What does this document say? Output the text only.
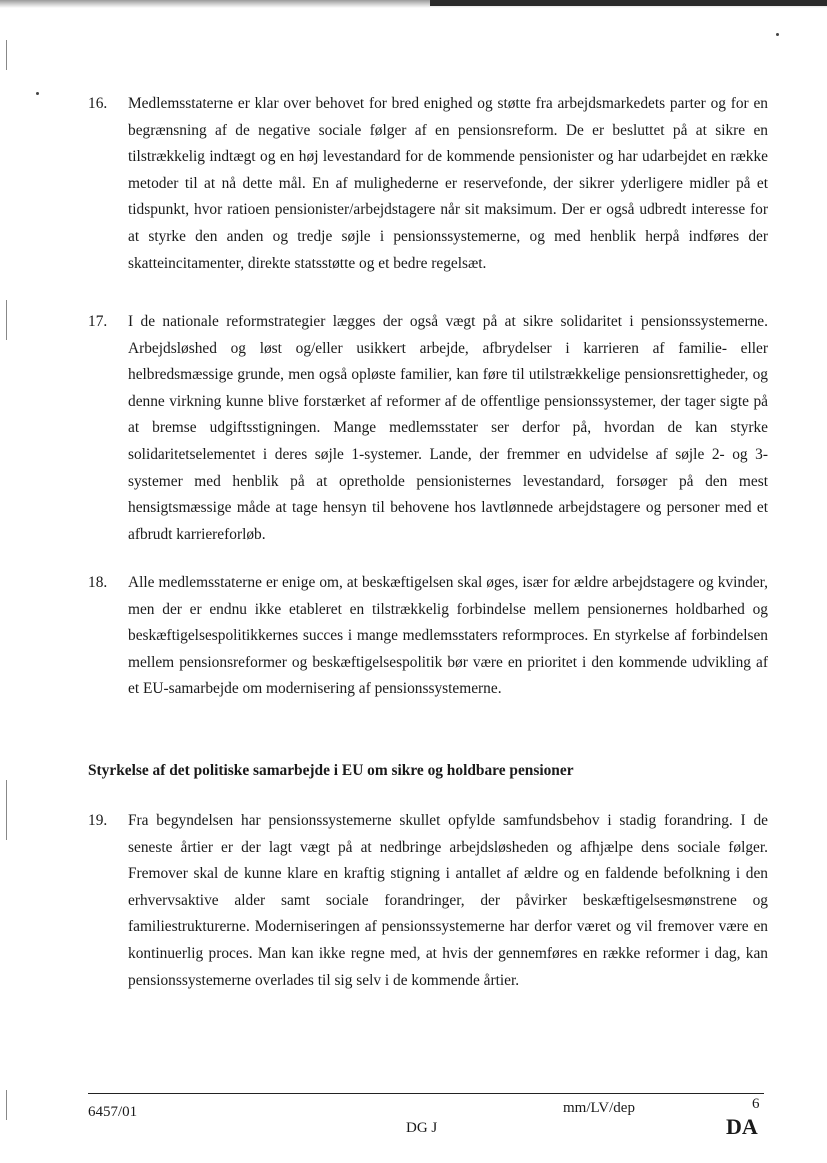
16. Medlemsstaterne er klar over behovet for bred enighed og støtte fra arbejdsmarkedets parter og for en begrænsning af de negative sociale følger af en pensionsreform. De er besluttet på at sikre en tilstrækkelig indtægt og en høj levestandard for de kommende pensionister og har udarbejdet en række metoder til at nå dette mål. En af mulighederne er reservefonde, der sikrer yderligere midler på et tidspunkt, hvor ratioen pensionister/arbejdstagere når sit maksimum. Der er også udbredt interesse for at styrke den anden og tredje søjle i pensionssystemerne, og med henblik herpå indføres der skatteincitamenter, direkte statsstøtte og et bedre regelsæt.
17. I de nationale reformstrategier lægges der også vægt på at sikre solidaritet i pensionssystemerne. Arbejdsløshed og løst og/eller usikkert arbejde, afbrydelser i karrieren af familie- eller helbredsmæssige grunde, men også opløste familier, kan føre til utilstrækkelige pensionsrettigheder, og denne virkning kunne blive forstærket af reformer af de offentlige pensionssystemer, der tager sigte på at bremse udgiftsstigningen. Mange medlemsstater ser derfor på, hvordan de kan styrke solidaritetselementet i deres søjle 1-systemer. Lande, der fremmer en udvidelse af søjle 2- og 3-systemer med henblik på at opretholde pensionisternes levestandard, forsøger på den mest hensigtsmæssige måde at tage hensyn til behovene hos lavtlønnede arbejdstagere og personer med et afbrudt karriereforløb.
18. Alle medlemsstaterne er enige om, at beskæftigelsen skal øges, især for ældre arbejdstagere og kvinder, men der er endnu ikke etableret en tilstrækkelig forbindelse mellem pensionernes holdbarhed og beskæftigelsespolitikkernes succes i mange medlemsstaters reformproces. En styrkelse af forbindelsen mellem pensionsreformer og beskæftigelsespolitik bør være en prioritet i den kommende udvikling af et EU-samarbejde om modernisering af pensionssystemerne.
Styrkelse af det politiske samarbejde i EU om sikre og holdbare pensioner
19. Fra begyndelsen har pensionssystemerne skullet opfylde samfundsbehov i stadig forandring. I de seneste årtier er der lagt vægt på at nedbringe arbejdsløsheden og afhjælpe dens sociale følger. Fremover skal de kunne klare en kraftig stigning i antallet af ældre og en faldende befolkning i den erhvervsaktive alder samt sociale forandringer, der påvirker beskæftigelsesmønstrene og familiestrukturerne. Moderniseringen af pensionssystemerne har derfor været og vil fremover være en kontinuerlig proces. Man kan ikke regne med, at hvis der gennemføres en række reformer i dag, kan pensionssystemerne overlades til sig selv i de kommende årtier.
6457/01	mm/LV/dep
DG J
6
DA
